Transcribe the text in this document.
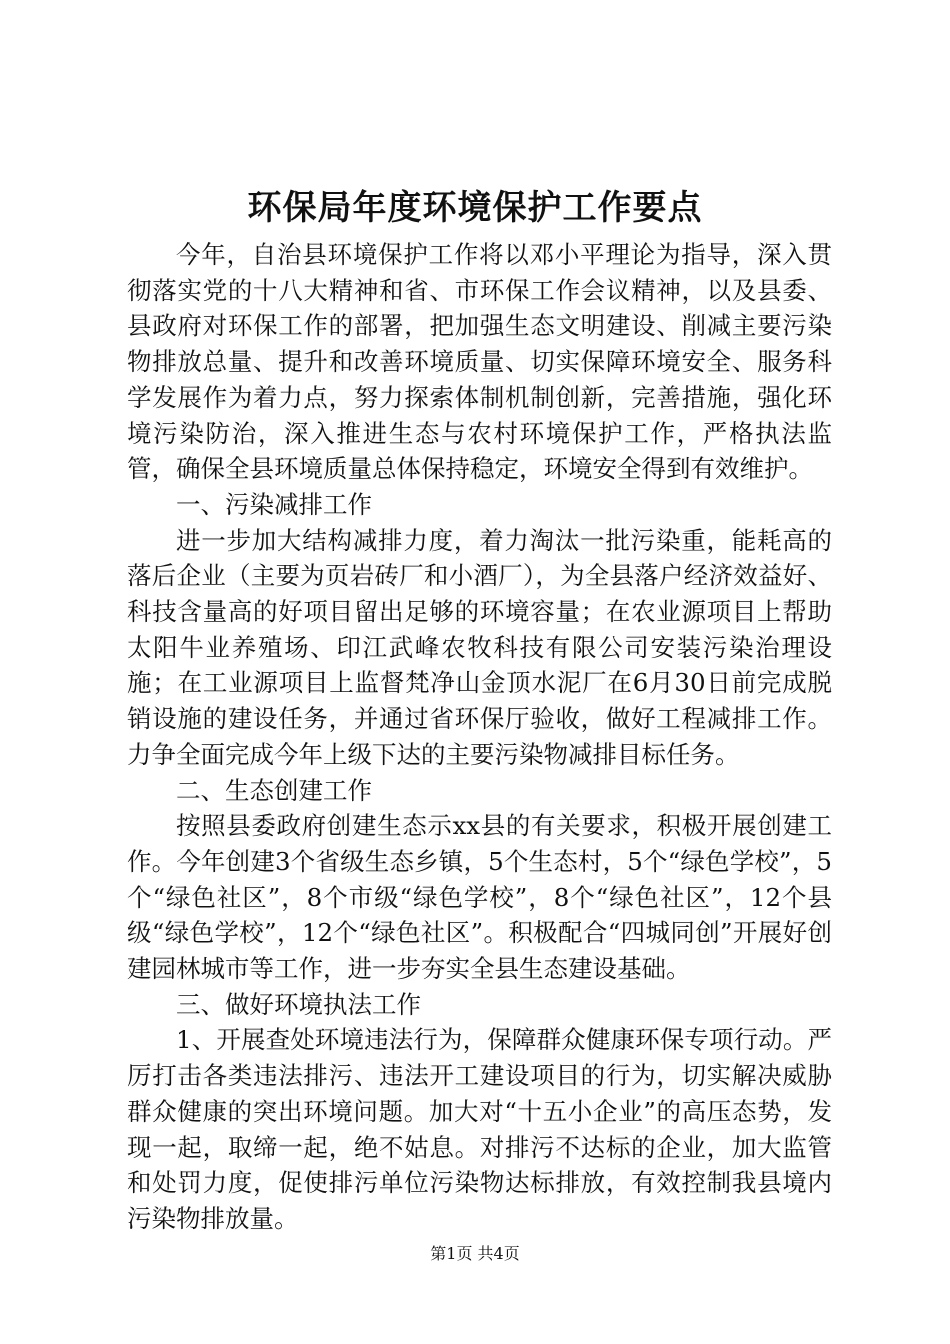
环保局年度环境保护工作要点

今年，自治县环境保护工作将以邓小平理论为指导，深入贯彻落实党的十八大精神和省、市环保工作会议精神，以及县委、县政府对环保工作的部署，把加强生态文明建设、削减主要污染物排放总量、提升和改善环境质量、切实保障环境安全、服务科学发展作为着力点，努力探索体制机制创新，完善措施，强化环境污染防治，深入推进生态与农村环境保护工作，严格执法监管，确保全县环境质量总体保持稳定，环境安全得到有效维护。

一、污染减排工作

进一步加大结构减排力度，着力淘汰一批污染重，能耗高的落后企业（主要为页岩砖厂和小酒厂），为全县落户经济效益好、科技含量高的好项目留出足够的环境容量；在农业源项目上帮助太阳牛业养殖场、印江武峰农牧科技有限公司安装污染治理设施；在工业源项目上监督梵净山金顶水泥厂在6月30日前完成脱销设施的建设任务，并通过省环保厅验收，做好工程减排工作。力争全面完成今年上级下达的主要污染物减排目标任务。

二、生态创建工作

按照县委政府创建生态示xx县的有关要求，积极开展创建工作。今年创建3个省级生态乡镇，5个生态村，5个“绿色学校”，5个“绿色社区”，8个市级“绿色学校”，8个“绿色社区”，12个县级“绿色学校”，12个“绿色社区”。积极配合“四城同创”开展好创建园林城市等工作，进一步夯实全县生态建设基础。

三、做好环境执法工作

1、开展查处环境违法行为，保障群众健康环保专项行动。严厉打击各类违法排污、违法开工建设项目的行为，切实解决威胁群众健康的突出环境问题。加大对“十五小企业”的高压态势，发现一起，取缔一起，绝不姑息。对排污不达标的企业，加大监管和处罚力度，促使排污单位污染物达标排放，有效控制我县境内污染物排放量。

第1页 共4页
